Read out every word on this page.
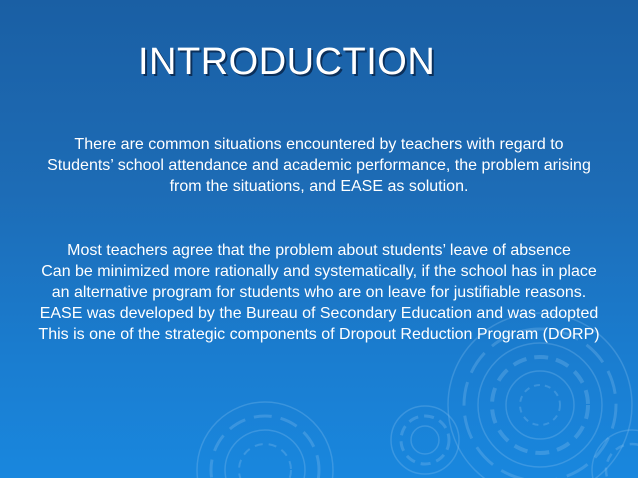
INTRODUCTION

There are common situations encountered by teachers with regard to
Students’ school attendance and academic performance, the problem arising
from the situations, and EASE as solution.

Most teachers agree that the problem about students’ leave of absence
Can be minimized more rationally and systematically, if the school has in place
an alternative program for students who are on leave for justifiable reasons.
EASE was developed by the Bureau of Secondary Education and was adopted
This is one of the strategic components of Dropout Reduction Program (DORP)
